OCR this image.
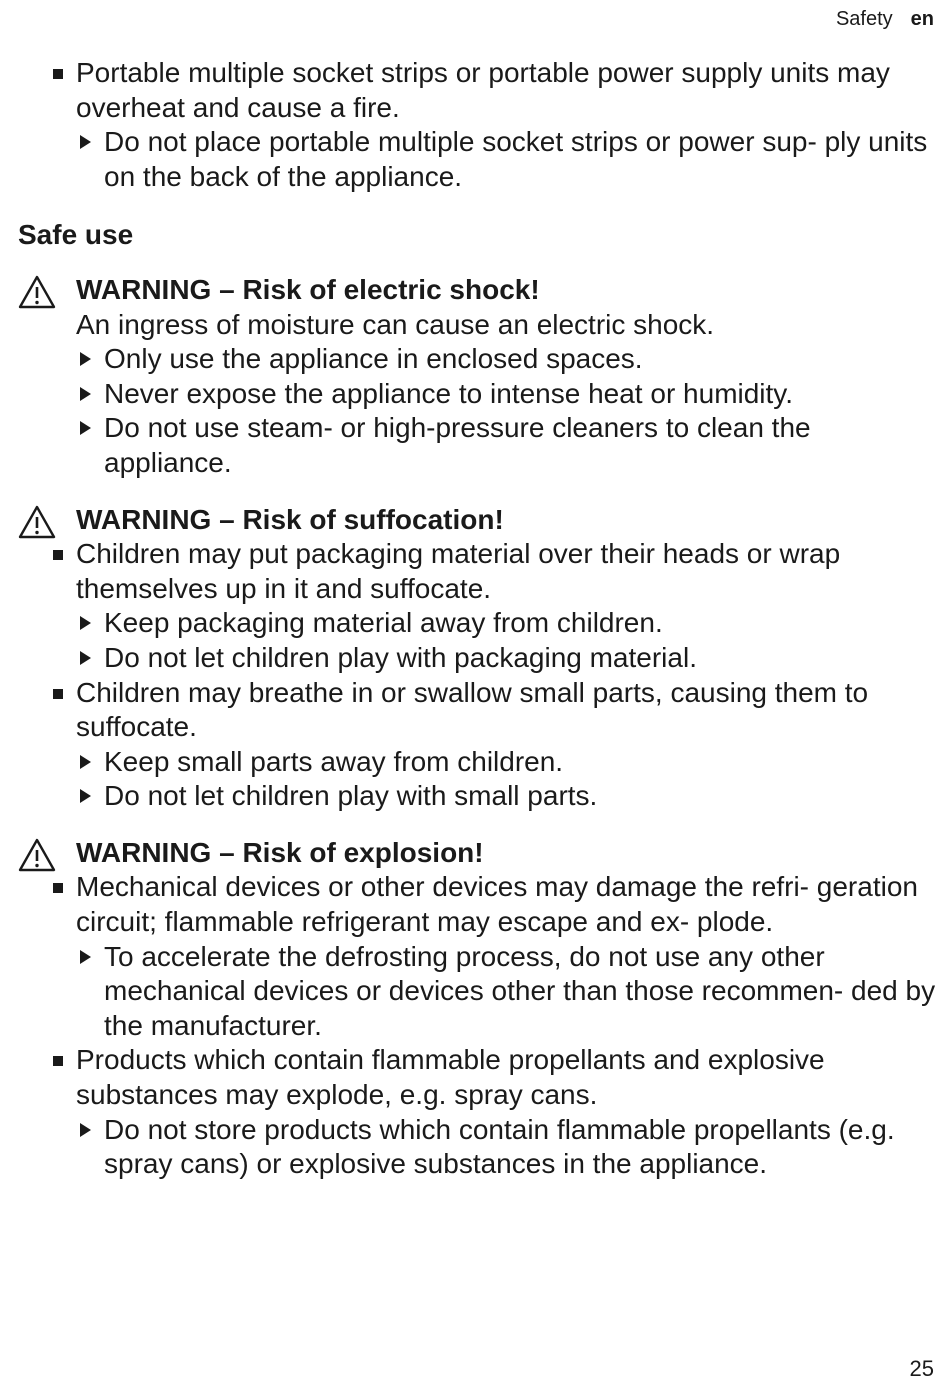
Safety en
Portable multiple socket strips or portable power supply units may overheat and cause a fire.
Do not place portable multiple socket strips or power sup- ply units on the back of the appliance.
Safe use
WARNING – Risk of electric shock!
An ingress of moisture can cause an electric shock.
Only use the appliance in enclosed spaces.
Never expose the appliance to intense heat or humidity.
Do not use steam- or high-pressure cleaners to clean the appliance.
WARNING – Risk of suffocation!
Children may put packaging material over their heads or wrap themselves up in it and suffocate.
Keep packaging material away from children.
Do not let children play with packaging material.
Children may breathe in or swallow small parts, causing them to suffocate.
Keep small parts away from children.
Do not let children play with small parts.
WARNING – Risk of explosion!
Mechanical devices or other devices may damage the refri- geration circuit; flammable refrigerant may escape and ex- plode.
To accelerate the defrosting process, do not use any other mechanical devices or devices other than those recommen- ded by the manufacturer.
Products which contain flammable propellants and explosive substances may explode, e.g. spray cans.
Do not store products which contain flammable propellants (e.g. spray cans) or explosive substances in the appliance.
25
